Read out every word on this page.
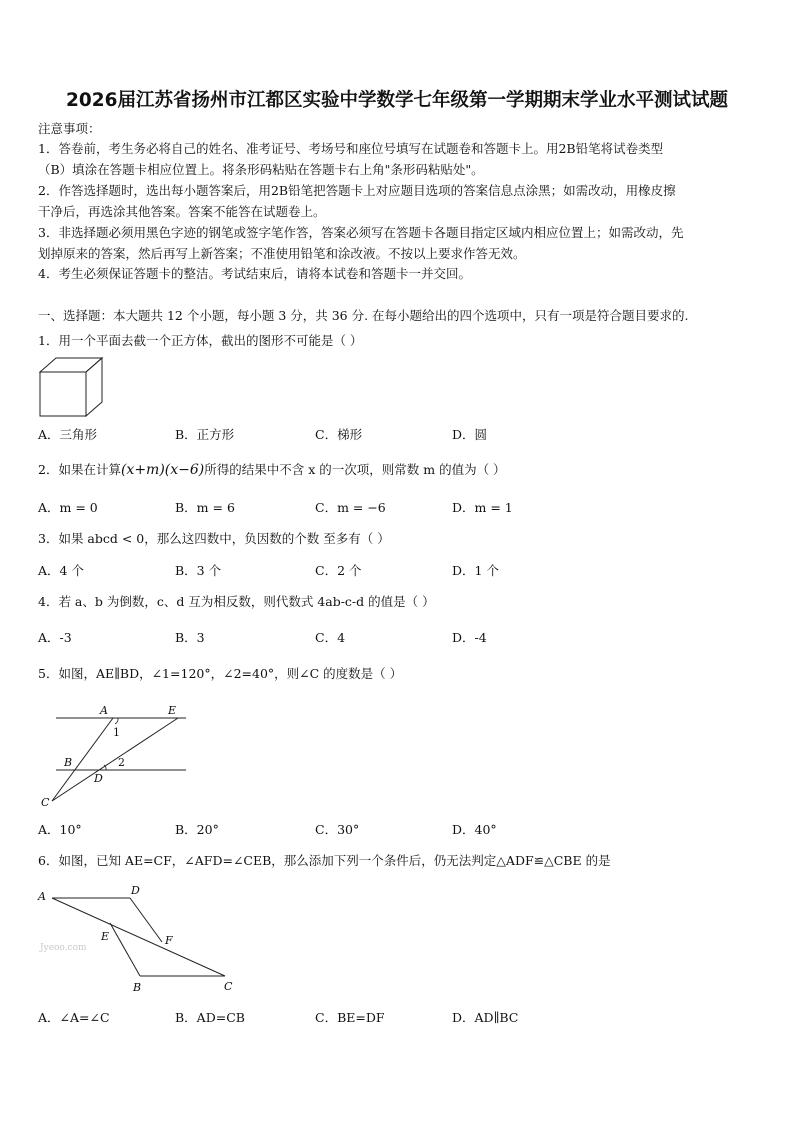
2026届江苏省扬州市江都区实验中学数学七年级第一学期期末学业水平测试试题
注意事项：
1．答卷前，考生务必将自己的姓名、准考证号、考场号和座位号填写在试题卷和答题卡上。用2B铅笔将试卷类型
（B）填涂在答题卡相应位置上。将条形码粘贴在答题卡右上角"条形码粘贴处"。
2．作答选择题时，选出每小题答案后，用2B铅笔把答题卡上对应题目选项的答案信息点涂黑；如需改动，用橡皮擦
干净后，再选涂其他答案。答案不能答在试题卷上。
3．非选择题必须用黑色字迹的钢笔或签字笔作答，答案必须写在答题卡各题目指定区域内相应位置上；如需改动，先
划掉原来的答案，然后再写上新答案；不准使用铅笔和涂改液。不按以上要求作答无效。
4．考生必须保证答题卡的整洁。考试结束后，请将本试卷和答题卡一并交回。
一、选择题：本大题共 12 个小题，每小题 3 分，共 36 分. 在每小题给出的四个选项中，只有一项是符合题目要求的.
1．用一个平面去截一个正方体，截出的图形不可能是（ ）
A．三角形	B．正方形	C．梯形	D．圆
2．如果在计算(x+m)(x−6)所得的结果中不含 x 的一次项，则常数 m 的值为（ ）
A．m = 0	B．m = 6	C．m = −6	D．m = 1
3．如果 abcd < 0，那么这四数中，负因数的个数 至多有（ ）
A．4 个	B．3 个	C．2 个	D．1 个
4．若 a、b 为倒数，c、d 互为相反数，则代数式 4ab-c-d 的值是（ ）
A．-3	B．3	C．4	D．-4
5．如图，AE∥BD，∠1=120°，∠2=40°，则∠C 的度数是（ ）
A	E
1
B	2
D
C
A．10°	B．20°	C．30°	D．40°
6．如图，已知 AE=CF，∠AFD=∠CEB，那么添加下列一个条件后，仍无法判定△ADF≌△CBE 的是
A	D
E	F
B	C
Jyeoo.com
A．∠A=∠C	B．AD=CB	C．BE=DF	D．AD∥BC
